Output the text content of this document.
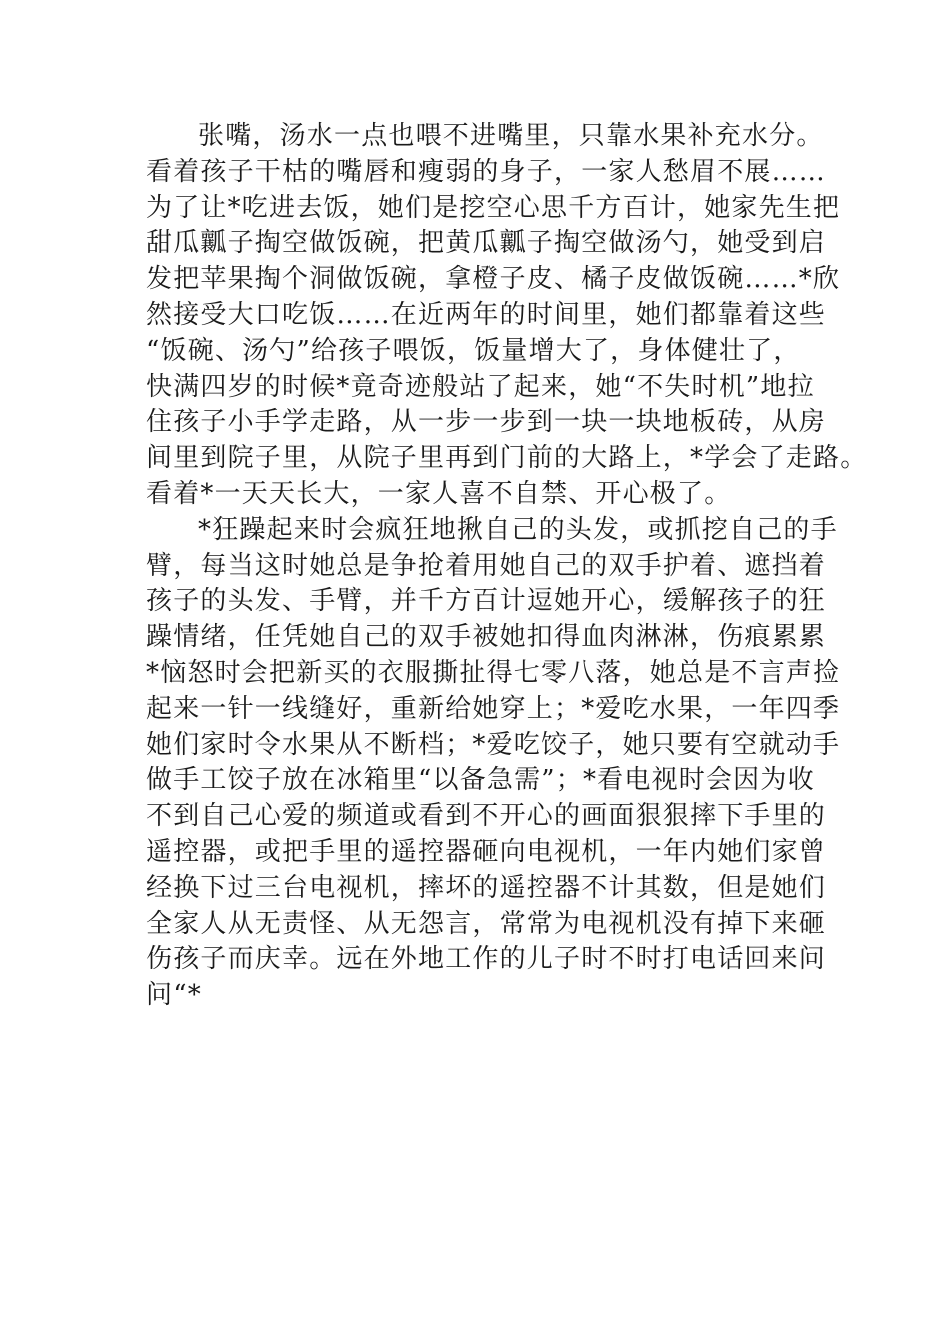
张嘴，汤水一点也喂不进嘴里，只靠水果补充水分。
看着孩子干枯的嘴唇和瘦弱的身子，一家人愁眉不展……
为了让*吃进去饭，她们是挖空心思千方百计，她家先生把
甜瓜瓤子掏空做饭碗，把黄瓜瓤子掏空做汤勺，她受到启
发把苹果掏个洞做饭碗，拿橙子皮、橘子皮做饭碗……*欣
然接受大口吃饭……在近两年的时间里，她们都靠着这些
“饭碗、汤勺”给孩子喂饭，饭量增大了，身体健壮了，
快满四岁的时候*竟奇迹般站了起来，她“不失时机”地拉
住孩子小手学走路，从一步一步到一块一块地板砖，从房
间里到院子里，从院子里再到门前的大路上，*学会了走路。
看着*一天天长大，一家人喜不自禁、开心极了。
*狂躁起来时会疯狂地揪自己的头发，或抓挖自己的手
臂，每当这时她总是争抢着用她自己的双手护着、遮挡着
孩子的头发、手臂，并千方百计逗她开心，缓解孩子的狂
躁情绪，任凭她自己的双手被她扣得血肉淋淋，伤痕累累
*恼怒时会把新买的衣服撕扯得七零八落，她总是不言声捡
起来一针一线缝好，重新给她穿上；*爱吃水果，一年四季
她们家时令水果从不断档；*爱吃饺子，她只要有空就动手
做手工饺子放在冰箱里“以备急需”；*看电视时会因为收
不到自己心爱的频道或看到不开心的画面狠狠摔下手里的
遥控器，或把手里的遥控器砸向电视机，一年内她们家曾
经换下过三台电视机，摔坏的遥控器不计其数，但是她们
全家人从无责怪、从无怨言，常常为电视机没有掉下来砸
伤孩子而庆幸。远在外地工作的儿子时不时打电话回来问
问“*
